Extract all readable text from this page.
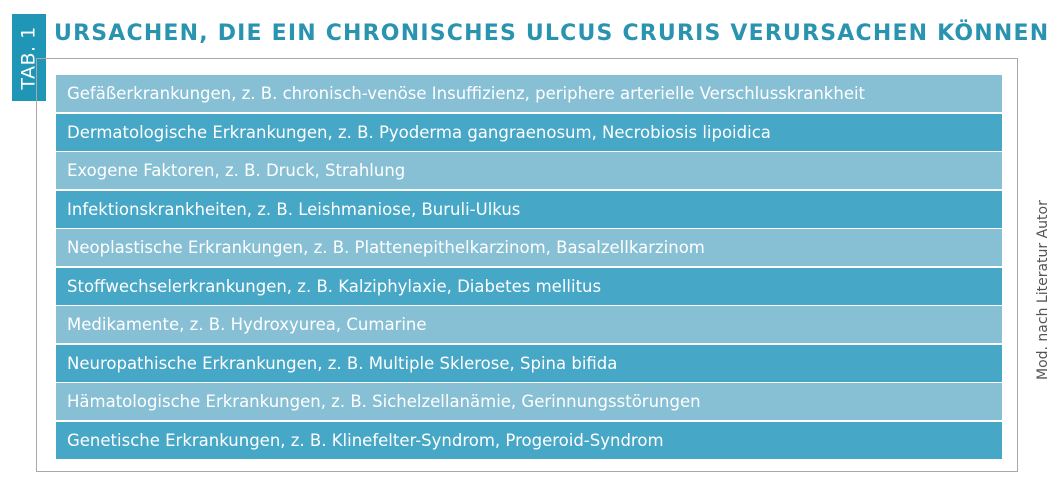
TAB. 1 URSACHEN, DIE EIN CHRONISCHES ULCUS CRURIS VERURSACHEN KÖNNEN
Gefäßerkrankungen, z. B. chronisch-venöse Insuffizienz, periphere arterielle Verschlusskrankheit
Dermatologische Erkrankungen, z. B. Pyoderma gangraenosum, Necrobiosis lipoidica
Exogene Faktoren, z. B. Druck, Strahlung
Infektionskrankheiten, z. B. Leishmaniose, Buruli-Ulkus
Neoplastische Erkrankungen, z. B. Plattenepithelkarzinom, Basalzellkarzinom
Stoffwechselerkrankungen, z. B. Kalziphylaxie, Diabetes mellitus
Medikamente, z. B. Hydroxyurea, Cumarine
Neuropathische Erkrankungen, z. B. Multiple Sklerose, Spina bifida
Hämatologische Erkrankungen, z. B. Sichelzellanämie, Gerinnungsstörungen
Genetische Erkrankungen, z. B. Klinefelter-Syndrom, Progeroid-Syndrom
Mod. nach Literatur Autor
